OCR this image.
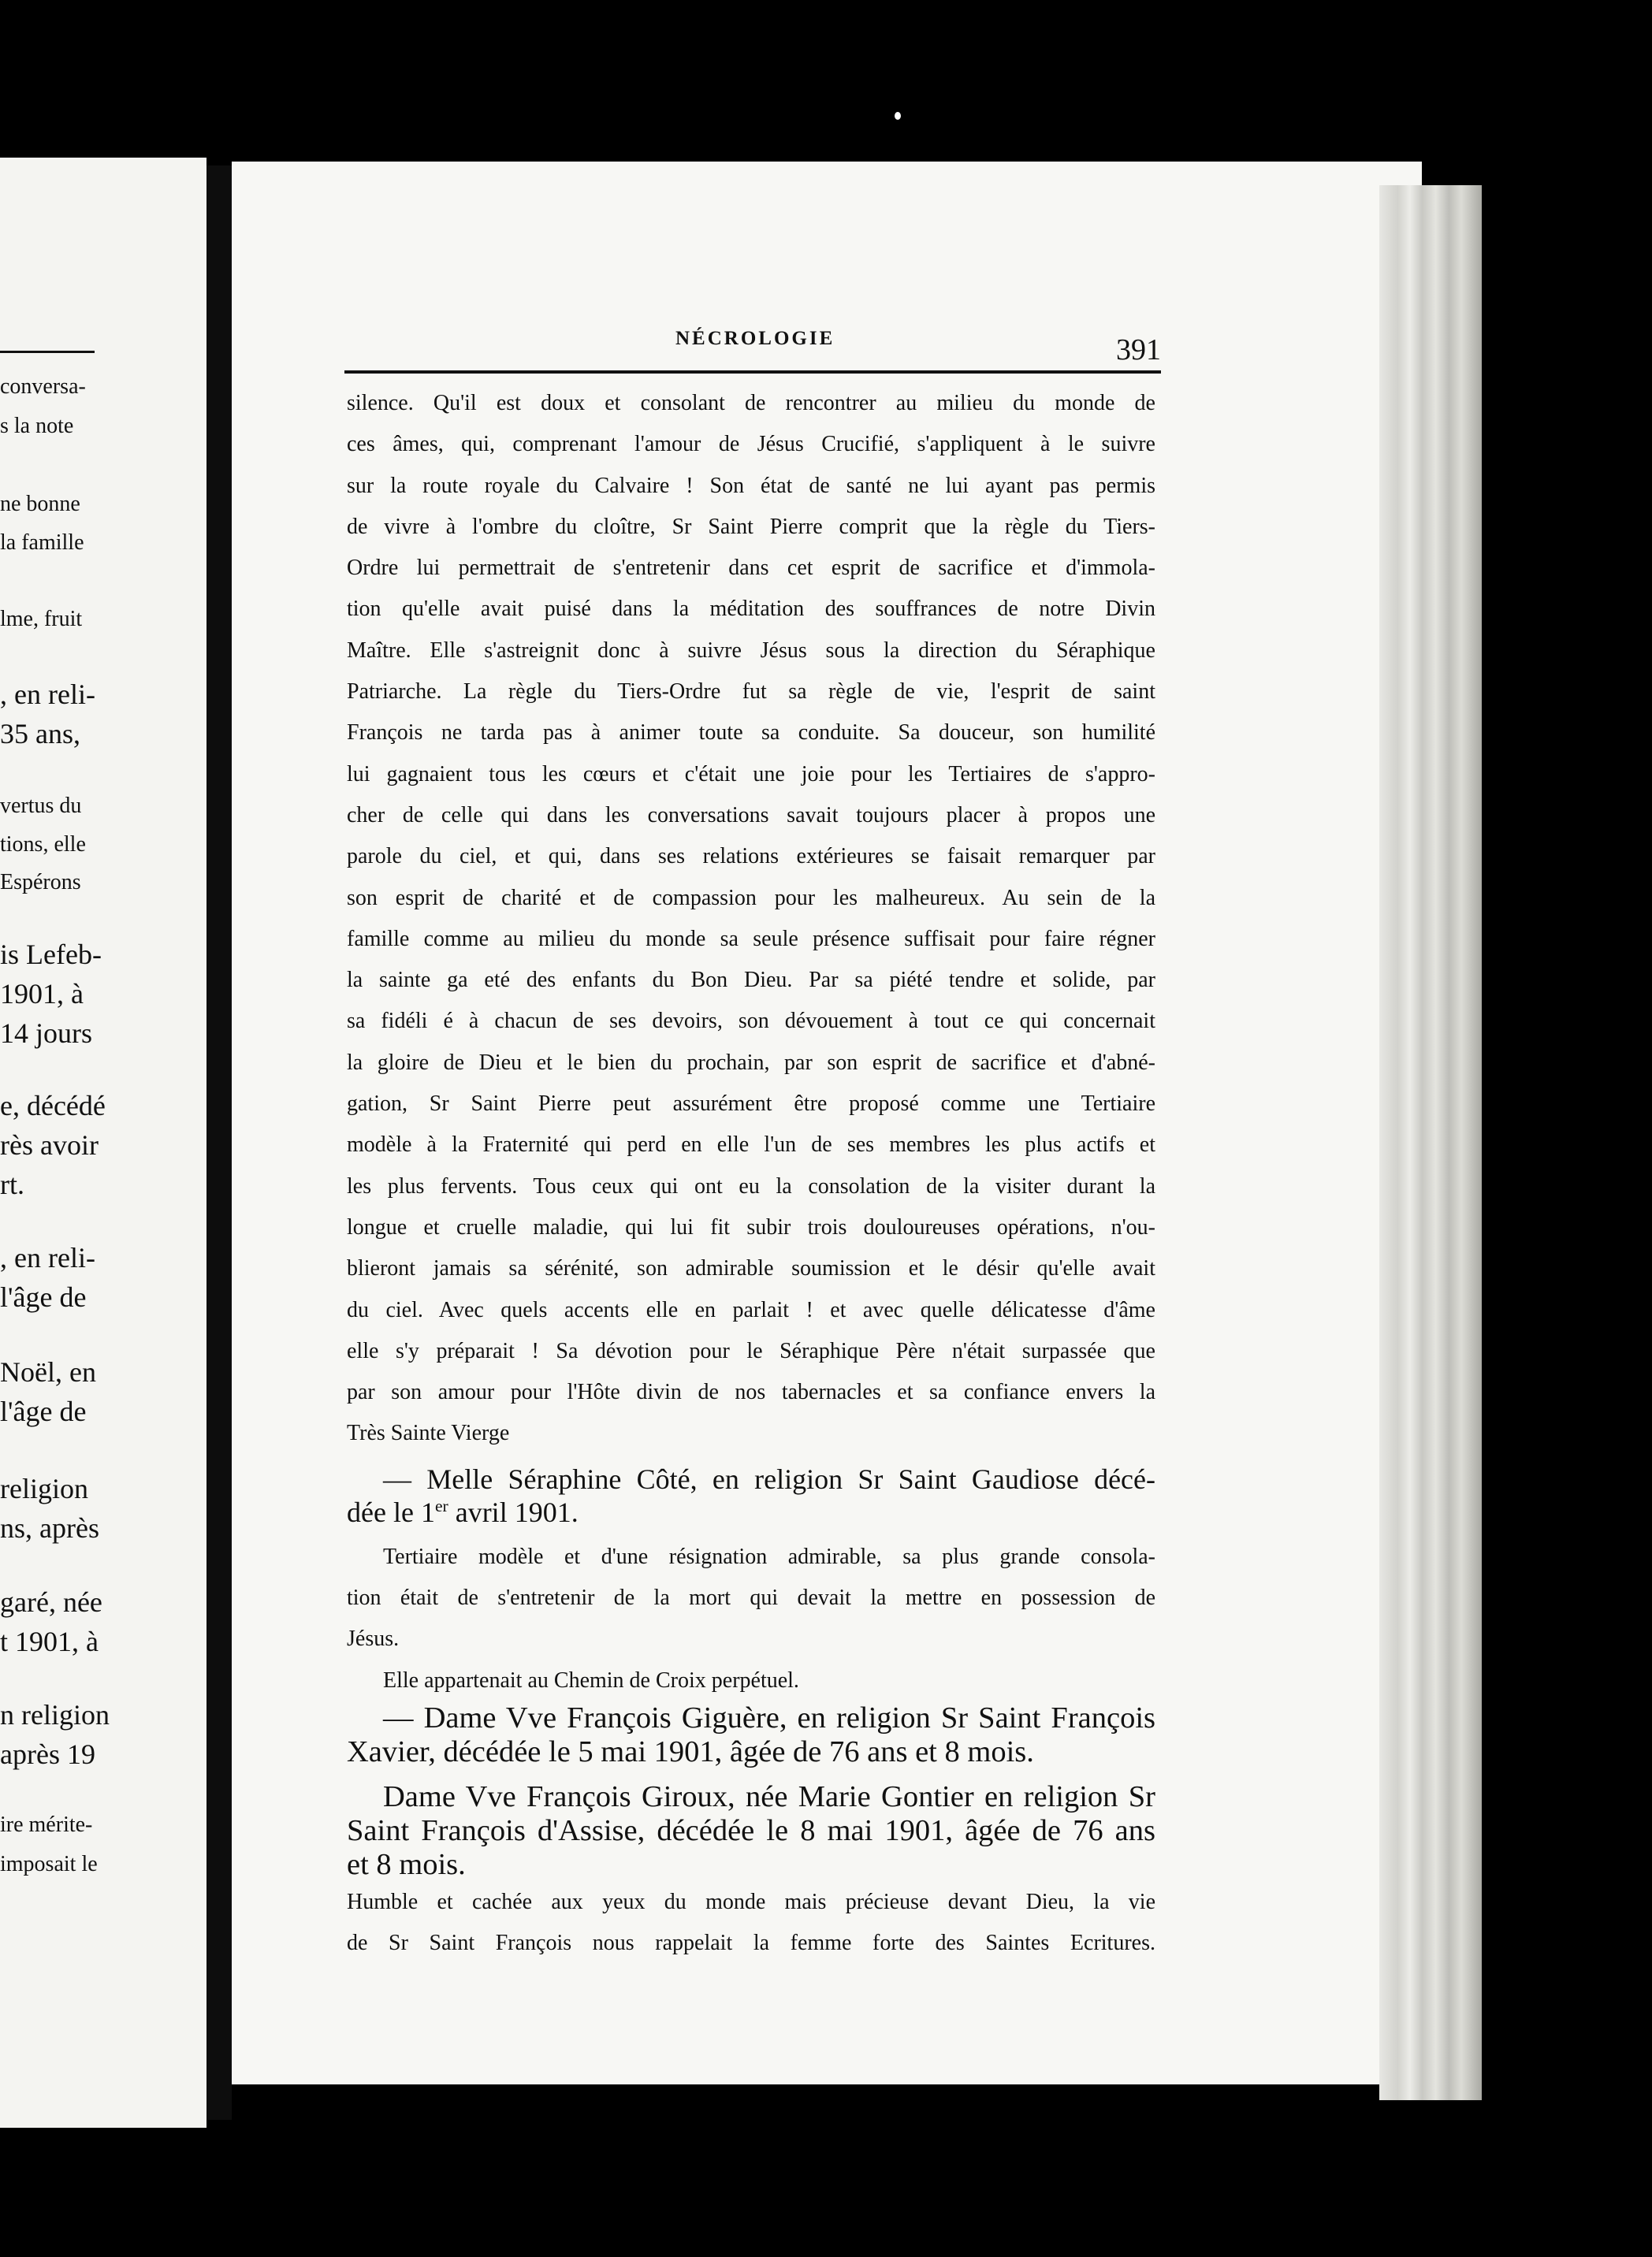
conversa-
s la note
ne bonne
la famille
lme, fruit
, en reli-
35 ans,
vertus du
tions, elle
Espérons
is Lefeb-
1901, à
14 jours
e, décédé
rès avoir
rt.
, en reli-
l'âge de
Noël, en
l'âge de
religion
ns, après
garé, née
t 1901, à
n religion
après 19
ire mérite-
imposait le
NÉCROLOGIE	391
silence. Qu'il est doux et consolant de rencontrer au milieu du monde de
ces âmes, qui, comprenant l'amour de Jésus Crucifié, s'appliquent à le suivre
sur la route royale du Calvaire ! Son état de santé ne lui ayant pas permis
de vivre à l'ombre du cloître, Sr Saint Pierre comprit que la règle du Tiers-
Ordre lui permettrait de s'entretenir dans cet esprit de sacrifice et d'immola-
tion qu'elle avait puisé dans la méditation des souffrances de notre Divin
Maître. Elle s'astreignit donc à suivre Jésus sous la direction du Séraphique
Patriarche. La règle du Tiers-Ordre fut sa règle de vie, l'esprit de saint
François ne tarda pas à animer toute sa conduite. Sa douceur, son humilité
lui gagnaient tous les cœurs et c'était une joie pour les Tertiaires de s'appro-
cher de celle qui dans les conversations savait toujours placer à propos une
parole du ciel, et qui, dans ses relations extérieures se faisait remarquer par
son esprit de charité et de compassion pour les malheureux. Au sein de la
famille comme au milieu du monde sa seule présence suffisait pour faire régner
la sainte ga eté des enfants du Bon Dieu. Par sa piété tendre et solide, par
sa fidéli é à chacun de ses devoirs, son dévouement à tout ce qui concernait
la gloire de Dieu et le bien du prochain, par son esprit de sacrifice et d'abné-
gation, Sr Saint Pierre peut assurément être proposé comme une Tertiaire
modèle à la Fraternité qui perd en elle l'un de ses membres les plus actifs et
les plus fervents. Tous ceux qui ont eu la consolation de la visiter durant la
longue et cruelle maladie, qui lui fit subir trois douloureuses opérations, n'ou-
blieront jamais sa sérénité, son admirable soumission et le désir qu'elle avait
du ciel. Avec quels accents elle en parlait ! et avec quelle délicatesse d'âme
elle s'y préparait ! Sa dévotion pour le Séraphique Père n'était surpassée que
par son amour pour l'Hôte divin de nos tabernacles et sa confiance envers la
Très Sainte Vierge
— Melle Séraphine Côté, en religion Sr Saint Gaudiose décé-
dée le 1er avril 1901.
Tertiaire modèle et d'une résignation admirable, sa plus grande consola-
tion était de s'entretenir de la mort qui devait la mettre en possession de
Jésus.
Elle appartenait au Chemin de Croix perpétuel.
— Dame Vve François Giguère, en religion Sr Saint François
Xavier, décédée le 5 mai 1901, âgée de 76 ans et 8 mois.
Dame Vve François Giroux, née Marie Gontier en religion Sr
Saint François d'Assise, décédée le 8 mai 1901, âgée de 76 ans
et 8 mois.
Humble et cachée aux yeux du monde mais précieuse devant Dieu, la vie
de Sr Saint François nous rappelait la femme forte des Saintes Ecritures.
